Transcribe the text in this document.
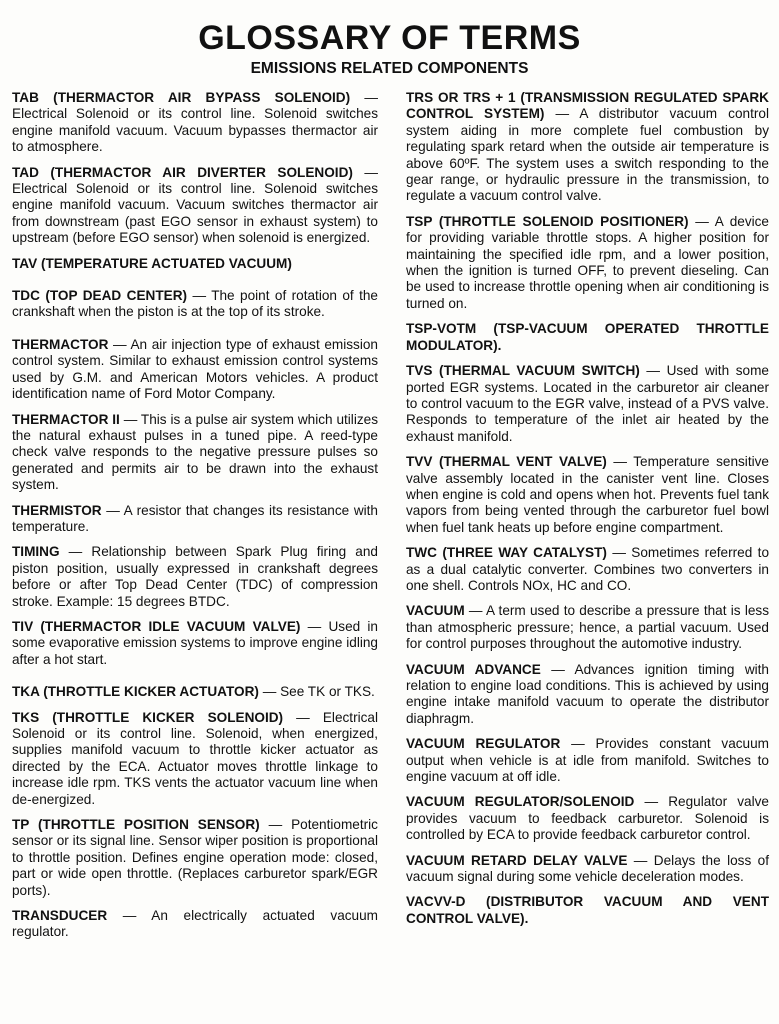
GLOSSARY OF TERMS
EMISSIONS RELATED COMPONENTS

TAB (THERMACTOR AIR BYPASS SOLENOID) — Electrical Solenoid or its control line. Solenoid switches engine manifold vacuum. Vacuum bypasses thermactor air to atmosphere.

TAD (THERMACTOR AIR DIVERTER SOLENOID) — Electrical Solenoid or its control line. Solenoid switches engine manifold vacuum. Vacuum switches thermactor air from downstream (past EGO sensor in exhaust system) to upstream (before EGO sensor) when solenoid is energized.

TAV (TEMPERATURE ACTUATED VACUUM)

TDC (TOP DEAD CENTER) — The point of rotation of the crankshaft when the piston is at the top of its stroke.

THERMACTOR — An air injection type of exhaust emission control system. Similar to exhaust emission control systems used by G.M. and American Motors vehicles. A product identification name of Ford Motor Company.

THERMACTOR II — This is a pulse air system which utilizes the natural exhaust pulses in a tuned pipe. A reed-type check valve responds to the negative pressure pulses so generated and permits air to be drawn into the exhaust system.

THERMISTOR — A resistor that changes its resistance with temperature.

TIMING — Relationship between Spark Plug firing and piston position, usually expressed in crankshaft degrees before or after Top Dead Center (TDC) of compression stroke. Example: 15 degrees BTDC.

TIV (THERMACTOR IDLE VACUUM VALVE) — Used in some evaporative emission systems to improve engine idling after a hot start.

TKA (THROTTLE KICKER ACTUATOR) — See TK or TKS.

TKS (THROTTLE KICKER SOLENOID) — Electrical Solenoid or its control line. Solenoid, when energized, supplies manifold vacuum to throttle kicker actuator as directed by the ECA. Actuator moves throttle linkage to increase idle rpm. TKS vents the actuator vacuum line when de-energized.

TP (THROTTLE POSITION SENSOR) — Potentiometric sensor or its signal line. Sensor wiper position is proportional to throttle position. Defines engine operation mode: closed, part or wide open throttle. (Replaces carburetor spark/EGR ports).

TRANSDUCER — An electrically actuated vacuum regulator.

TRS OR TRS + 1 (TRANSMISSION REGULATED SPARK CONTROL SYSTEM) — A distributor vacuum control system aiding in more complete fuel combustion by regulating spark retard when the outside air temperature is above 60ºF. The system uses a switch responding to the gear range, or hydraulic pressure in the transmission, to regulate a vacuum control valve.

TSP (THROTTLE SOLENOID POSITIONER) — A device for providing variable throttle stops. A higher position for maintaining the specified idle rpm, and a lower position, when the ignition is turned OFF, to prevent dieseling. Can be used to increase throttle opening when air conditioning is turned on.

TSP-VOTM (TSP-VACUUM OPERATED THROTTLE MODULATOR).

TVS (THERMAL VACUUM SWITCH) — Used with some ported EGR systems. Located in the carburetor air cleaner to control vacuum to the EGR valve, instead of a PVS valve. Responds to temperature of the inlet air heated by the exhaust manifold.

TVV (THERMAL VENT VALVE) — Temperature sensitive valve assembly located in the canister vent line. Closes when engine is cold and opens when hot. Prevents fuel tank vapors from being vented through the carburetor fuel bowl when fuel tank heats up before engine compartment.

TWC (THREE WAY CATALYST) — Sometimes referred to as a dual catalytic converter. Combines two converters in one shell. Controls NOx, HC and CO.

VACUUM — A term used to describe a pressure that is less than atmospheric pressure; hence, a partial vacuum. Used for control purposes throughout the automotive industry.

VACUUM ADVANCE — Advances ignition timing with relation to engine load conditions. This is achieved by using engine intake manifold vacuum to operate the distributor diaphragm.

VACUUM REGULATOR — Provides constant vacuum output when vehicle is at idle from manifold. Switches to engine vacuum at off idle.

VACUUM REGULATOR/SOLENOID — Regulator valve provides vacuum to feedback carburetor. Solenoid is controlled by ECA to provide feedback carburetor control.

VACUUM RETARD DELAY VALVE — Delays the loss of vacuum signal during some vehicle deceleration modes.

VACVV-D (DISTRIBUTOR VACUUM AND VENT CONTROL VALVE).
